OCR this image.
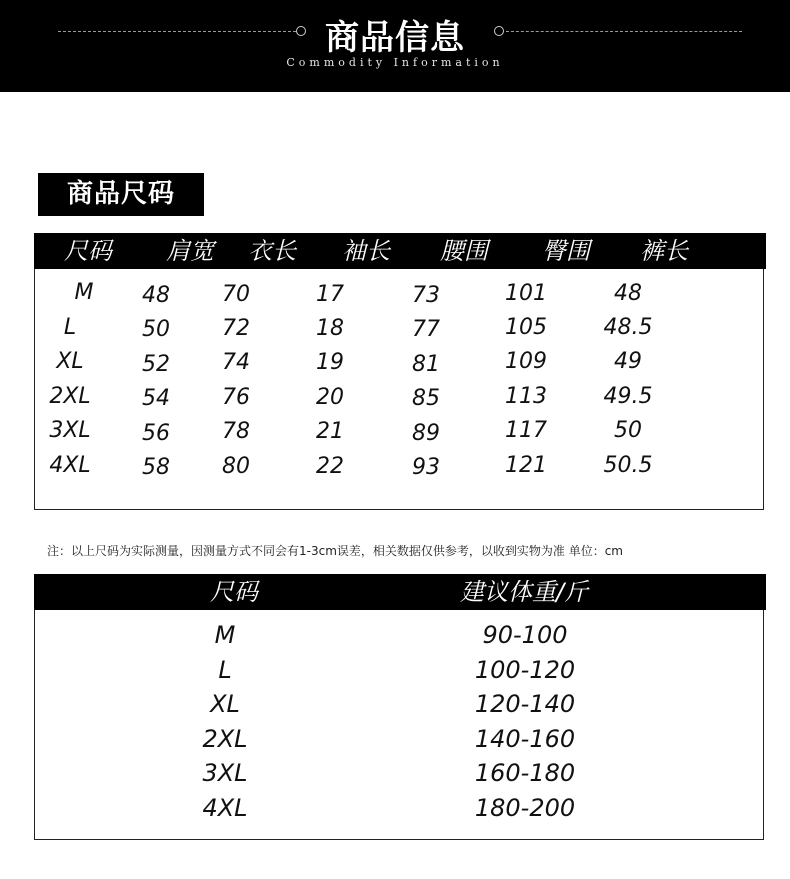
商品信息
Commodity Information
商品尺码
尺码	肩宽	衣长	袖长	腰围	臀围	裤长
M	48	70	17	73	101	48
L	50	72	18	77	105	48.5
XL	52	74	19	81	109	49
2XL	54	76	20	85	113	49.5
3XL	56	78	21	89	117	50
4XL	58	80	22	93	121	50.5
注：以上尺码为实际测量，因测量方式不同会有1-3cm误差，相关数据仅供参考，以收到实物为准 单位：cm
尺码	建议体重/斤
M	90-100
L	100-120
XL	120-140
2XL	140-160
3XL	160-180
4XL	180-200
